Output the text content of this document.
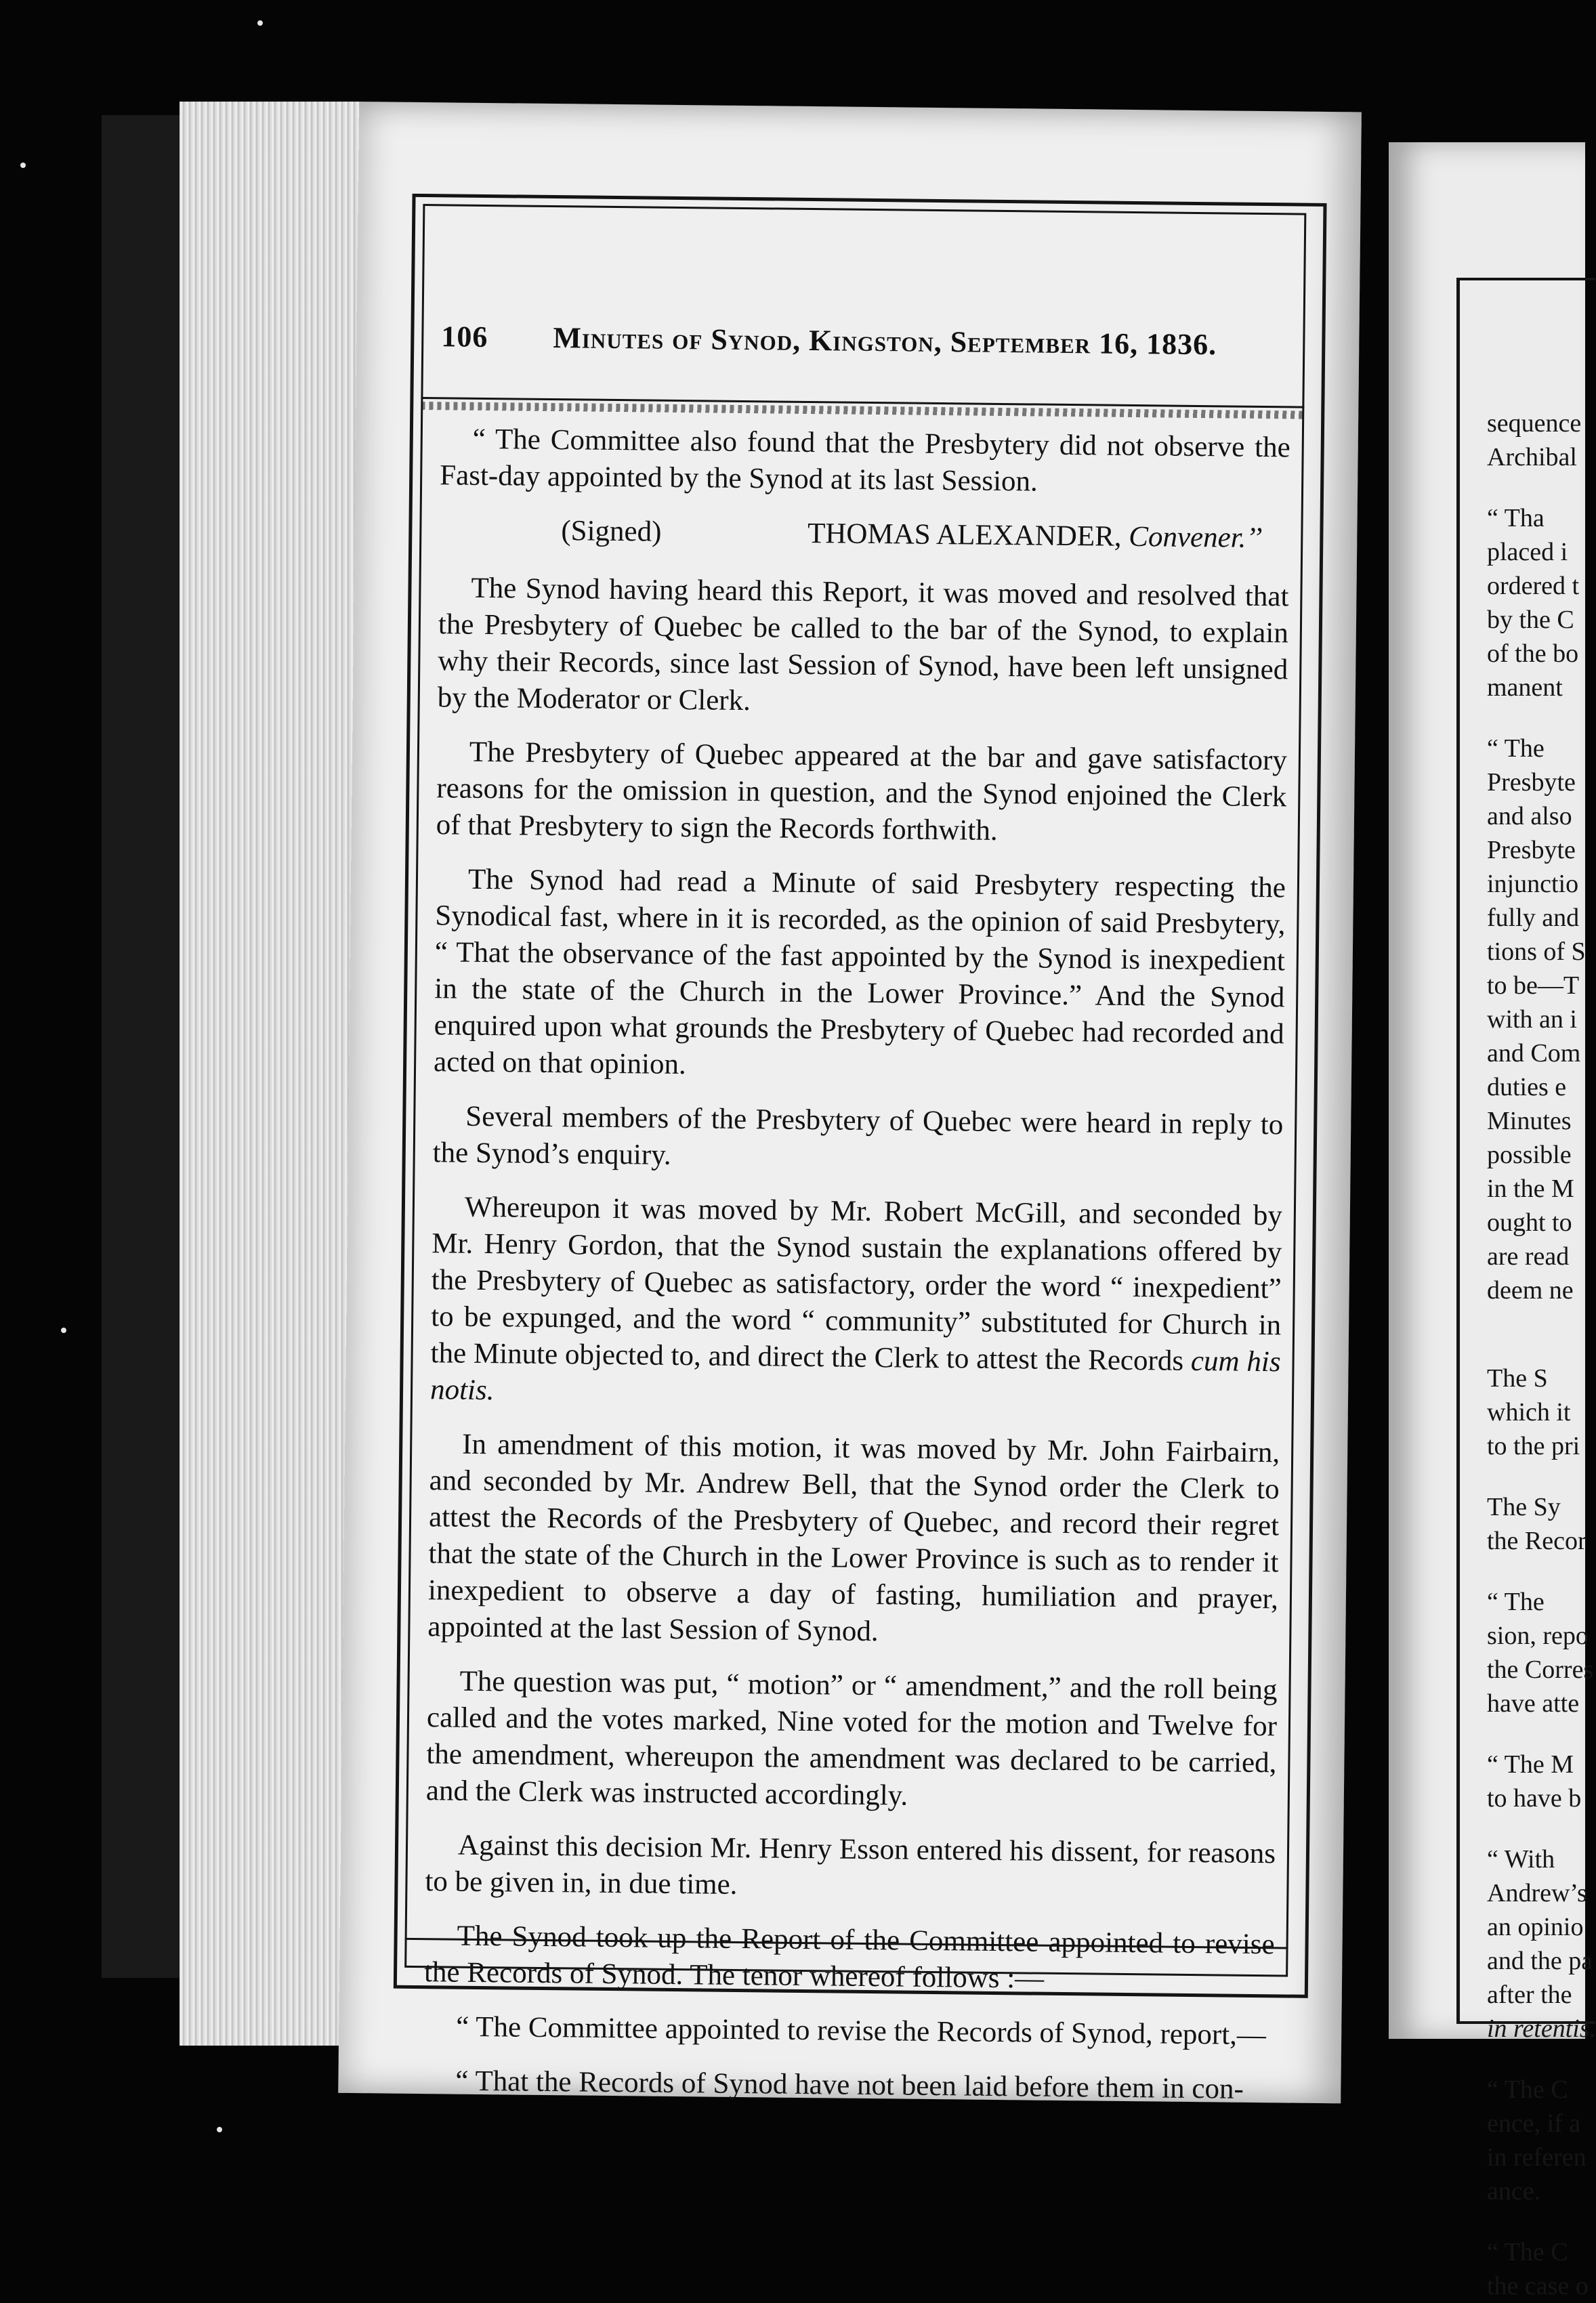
sequence
Archibal
“ Tha
placed i
ordered t
by the C
of the bo
manent
“ The
Presbyte
and also
Presbyte
injunctio
fully and
tions of S
to be—T
with an i
and Com
duties e
Minutes
possible
in the M
ought to
are read
deem ne
The S
which it
to the pri
The Sy
the Recor
“ The
sion, repo
the Corres
have atte
“ The M
to have b
“ With
Andrew’s
an opinio
and the pa
after the
in retentis.
“ The C
ence, if a
in referen
ance.
“ The C
the case o
106 Minutes of Synod, Kingston, September 16, 1836.

“ The Committee also found that the Presbytery did not observe the Fast-day appointed by the Synod at its last Session.

(Signed)	THOMAS ALEXANDER, Convener.’’

The Synod having heard this Report, it was moved and resolved that the Presbytery of Quebec be called to the bar of the Synod, to explain why their Records, since last Session of Synod, have been left unsigned by the Moderator or Clerk.

The Presbytery of Quebec appeared at the bar and gave satisfactory reasons for the omission in question, and the Synod enjoined the Clerk of that Presbytery to sign the Records forthwith.

The Synod had read a Minute of said Presbytery respecting the Synodical fast, where in it is recorded, as the opinion of said Presbytery, “ That the observance of the fast appointed by the Synod is inexpedient in the state of the Church in the Lower Province.” And the Synod enquired upon what grounds the Presbytery of Quebec had recorded and acted on that opinion.

Several members of the Presbytery of Quebec were heard in reply to the Synod’s enquiry.

Whereupon it was moved by Mr. Robert McGill, and seconded by Mr. Henry Gordon, that the Synod sustain the explanations offered by the Presbytery of Quebec as satisfactory, order the word “ inexpedient” to be expunged, and the word “ community” substituted for Church in the Minute objected to, and direct the Clerk to attest the Records cum his notis.

In amendment of this motion, it was moved by Mr. John Fairbairn, and seconded by Mr. Andrew Bell, that the Synod order the Clerk to attest the Records of the Presbytery of Quebec, and record their regret that the state of the Church in the Lower Province is such as to render it inexpedient to observe a day of fasting, humiliation and prayer, appointed at the last Session of Synod.

The question was put, “ motion” or “ amendment,” and the roll being called and the votes marked, Nine voted for the motion and Twelve for the amendment, whereupon the amendment was declared to be carried, and the Clerk was instructed accordingly.

Against this decision Mr. Henry Esson entered his dissent, for reasons to be given in, in due time.

The Synod took up the Report of the Committee appointed to revise the Records of Synod. The tenor whereof follows :—

“ The Committee appointed to revise the Records of Synod, report,—

“ That the Records of Synod have not been laid before them in con-
